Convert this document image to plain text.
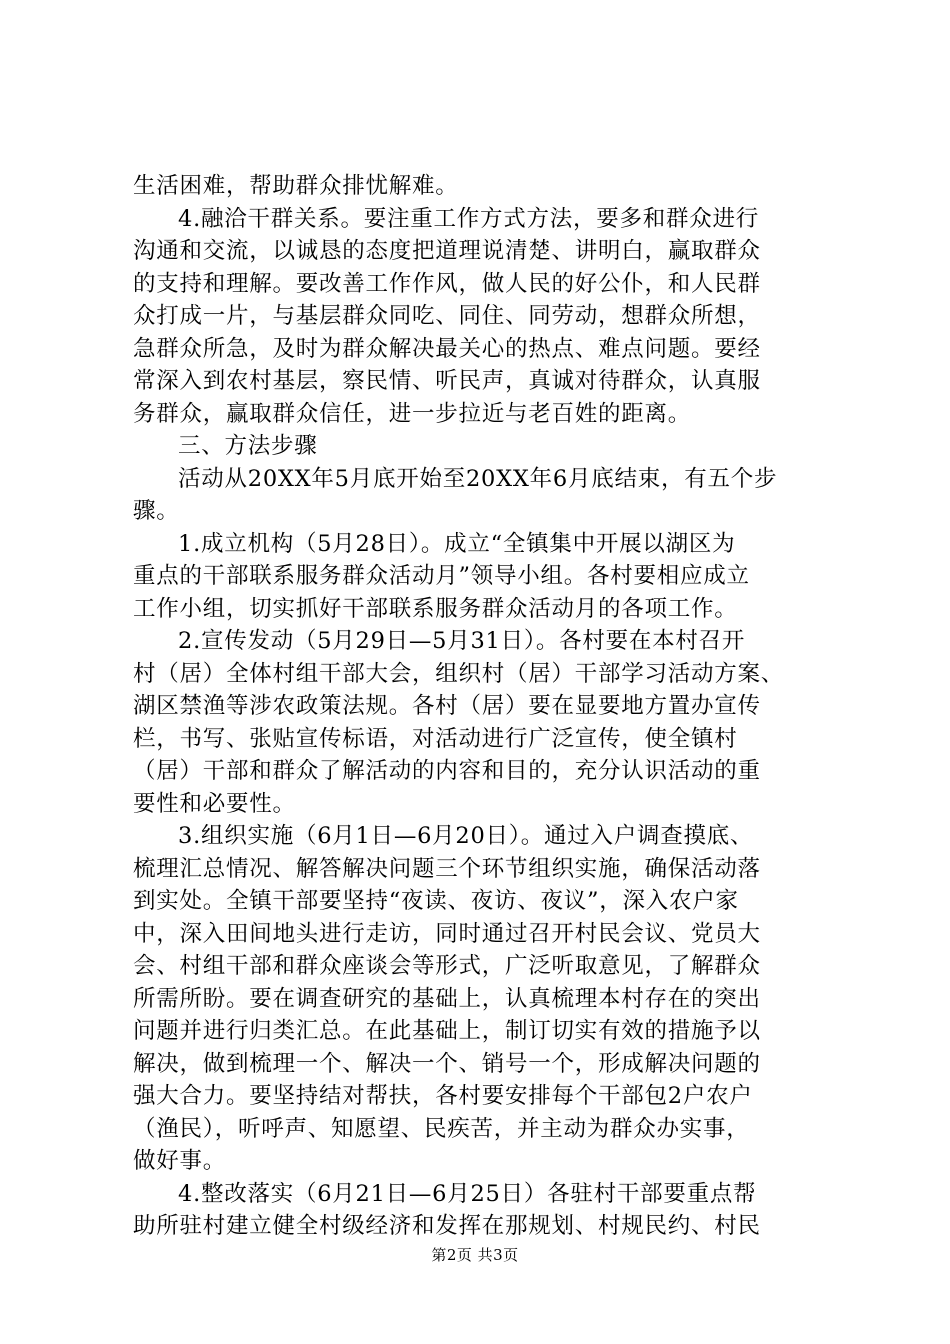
生活困难，帮助群众排忧解难。
4.融洽干群关系。要注重工作方式方法，要多和群众进行
沟通和交流，以诚恳的态度把道理说清楚、讲明白，赢取群众
的支持和理解。要改善工作作风，做人民的好公仆，和人民群
众打成一片，与基层群众同吃、同住、同劳动，想群众所想，
急群众所急，及时为群众解决最关心的热点、难点问题。要经
常深入到农村基层，察民情、听民声，真诚对待群众，认真服
务群众，赢取群众信任，进一步拉近与老百姓的距离。
三、方法步骤
活动从20XX年5月底开始至20XX年6月底结束，有五个步
骤。
1.成立机构（5月28日）。成立“全镇集中开展以湖区为
重点的干部联系服务群众活动月”领导小组。各村要相应成立
工作小组，切实抓好干部联系服务群众活动月的各项工作。
2.宣传发动（5月29日—5月31日）。各村要在本村召开
村（居）全体村组干部大会，组织村（居）干部学习活动方案、
湖区禁渔等涉农政策法规。各村（居）要在显要地方置办宣传
栏，书写、张贴宣传标语，对活动进行广泛宣传，使全镇村
（居）干部和群众了解活动的内容和目的，充分认识活动的重
要性和必要性。
3.组织实施（6月1日—6月20日）。通过入户调查摸底、
梳理汇总情况、解答解决问题三个环节组织实施，确保活动落
到实处。全镇干部要坚持“夜读、夜访、夜议”，深入农户家
中，深入田间地头进行走访，同时通过召开村民会议、党员大
会、村组干部和群众座谈会等形式，广泛听取意见，了解群众
所需所盼。要在调查研究的基础上，认真梳理本村存在的突出
问题并进行归类汇总。在此基础上，制订切实有效的措施予以
解决，做到梳理一个、解决一个、销号一个，形成解决问题的
强大合力。要坚持结对帮扶，各村要安排每个干部包2户农户
（渔民），听呼声、知愿望、民疾苦，并主动为群众办实事，
做好事。
4.整改落实（6月21日—6月25日）各驻村干部要重点帮
助所驻村建立健全村级经济和发挥在那规划、村规民约、村民
第2页 共3页
